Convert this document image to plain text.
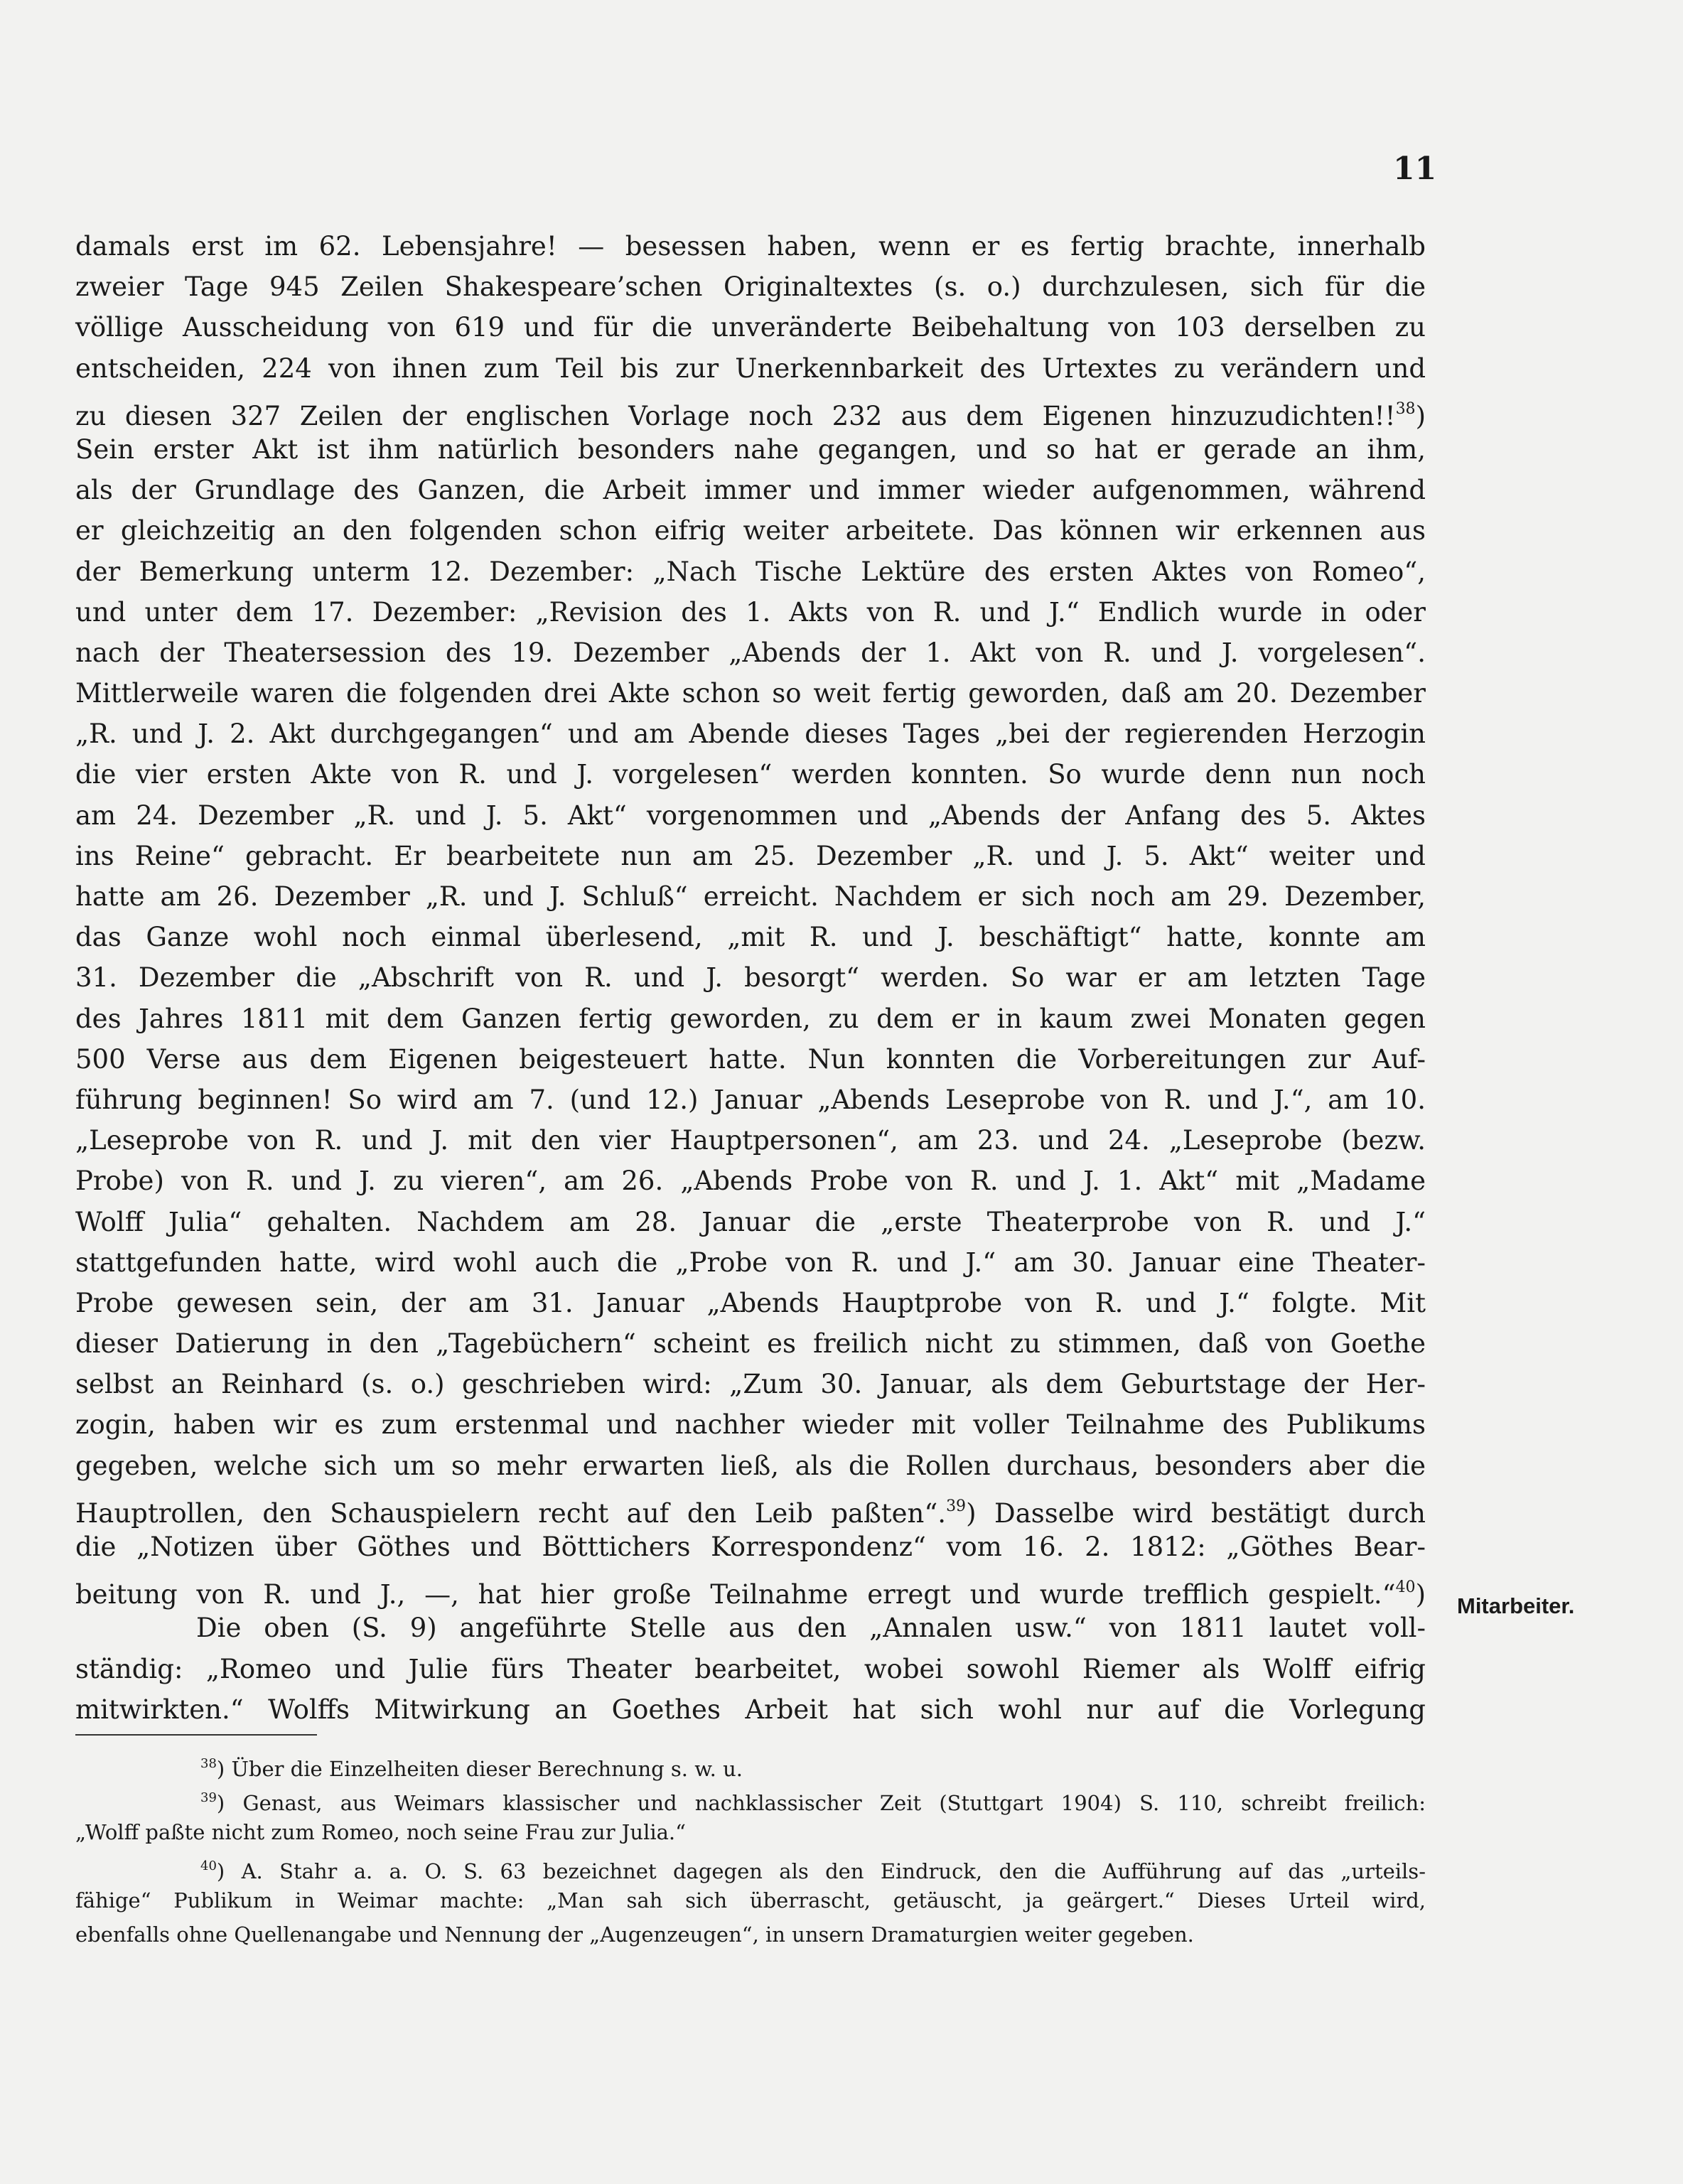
11
damals erst im 62. Lebensjahre! — besessen haben, wenn er es fertig brachte, innerhalb
zweier Tage 945 Zeilen Shakespeare’schen Originaltextes (s. o.) durchzulesen, sich für die
völlige Ausscheidung von 619 und für die unveränderte Beibehaltung von 103 derselben zu
entscheiden, 224 von ihnen zum Teil bis zur Unerkennbarkeit des Urtextes zu verändern und
zu diesen 327 Zeilen der englischen Vorlage noch 232 aus dem Eigenen hinzuzudichten!!$^{38}$)
Sein erster Akt ist ihm natürlich besonders nahe gegangen, und so hat er gerade an ihm,
als der Grundlage des Ganzen, die Arbeit immer und immer wieder aufgenommen, während
er gleichzeitig an den folgenden schon eifrig weiter arbeitete. Das können wir erkennen aus
der Bemerkung unterm 12. Dezember: „Nach Tische Lektüre des ersten Aktes von Romeo“,
und unter dem 17. Dezember: „Revision des 1. Akts von R. und J.“ Endlich wurde in oder
nach der Theatersession des 19. Dezember „Abends der 1. Akt von R. und J. vorgelesen“.
Mittlerweile waren die folgenden drei Akte schon so weit fertig geworden, daß am 20. Dezember
„R. und J. 2. Akt durchgegangen“ und am Abende dieses Tages „bei der regierenden Herzogin
die vier ersten Akte von R. und J. vorgelesen“ werden konnten. So wurde denn nun noch
am 24. Dezember „R. und J. 5. Akt“ vorgenommen und „Abends der Anfang des 5. Aktes
ins Reine“ gebracht. Er bearbeitete nun am 25. Dezember „R. und J. 5. Akt“ weiter und
hatte am 26. Dezember „R. und J. Schluß“ erreicht. Nachdem er sich noch am 29. Dezember,
das Ganze wohl noch einmal überlesend, „mit R. und J. beschäftigt“ hatte, konnte am
31. Dezember die „Abschrift von R. und J. besorgt“ werden. So war er am letzten Tage
des Jahres 1811 mit dem Ganzen fertig geworden, zu dem er in kaum zwei Monaten gegen
500 Verse aus dem Eigenen beigesteuert hatte. Nun konnten die Vorbereitungen zur Auf-
führung beginnen! So wird am 7. (und 12.) Januar „Abends Leseprobe von R. und J.“, am 10.
„Leseprobe von R. und J. mit den vier Hauptpersonen“, am 23. und 24. „Leseprobe (bezw.
Probe) von R. und J. zu vieren“, am 26. „Abends Probe von R. und J. 1. Akt“ mit „Madame
Wolff Julia“ gehalten. Nachdem am 28. Januar die „erste Theaterprobe von R. und J.“
stattgefunden hatte, wird wohl auch die „Probe von R. und J.“ am 30. Januar eine Theater-
Probe gewesen sein, der am 31. Januar „Abends Hauptprobe von R. und J.“ folgte. Mit
dieser Datierung in den „Tagebüchern“ scheint es freilich nicht zu stimmen, daß von Goethe
selbst an Reinhard (s. o.) geschrieben wird: „Zum 30. Januar, als dem Geburtstage der Her-
zogin, haben wir es zum erstenmal und nachher wieder mit voller Teilnahme des Publikums
gegeben, welche sich um so mehr erwarten ließ, als die Rollen durchaus, besonders aber die
Hauptrollen, den Schauspielern recht auf den Leib paßten“.$^{39}$) Dasselbe wird bestätigt durch
die „Notizen über Göthes und Bötttichers Korrespondenz“ vom 16. 2. 1812: „Göthes Bear-
beitung von R. und J., —, hat hier große Teilnahme erregt und wurde trefflich gespielt.“$^{40}$)
Die oben (S. 9) angeführte Stelle aus den „Annalen usw.“ von 1811 lautet voll-
ständig: „Romeo und Julie fürs Theater bearbeitet, wobei sowohl Riemer als Wolff eifrig
mitwirkten.“ Wolffs Mitwirkung an Goethes Arbeit hat sich wohl nur auf die Vorlegung
Mitarbeiter.
$^{38}$) Über die Einzelheiten dieser Berechnung s. w. u.
$^{39}$) Genast, aus Weimars klassischer und nachklassischer Zeit (Stuttgart 1904) S. 110, schreibt freilich:
„Wolff paßte nicht zum Romeo, noch seine Frau zur Julia.“
$^{40}$) A. Stahr a. a. O. S. 63 bezeichnet dagegen als den Eindruck, den die Aufführung auf das „urteils-
fähige“ Publikum in Weimar machte: „Man sah sich überrascht, getäuscht, ja geärgert.“ Dieses Urteil wird,
ebenfalls ohne Quellenangabe und Nennung der „Augenzeugen“, in unsern Dramaturgien weiter gegeben.
